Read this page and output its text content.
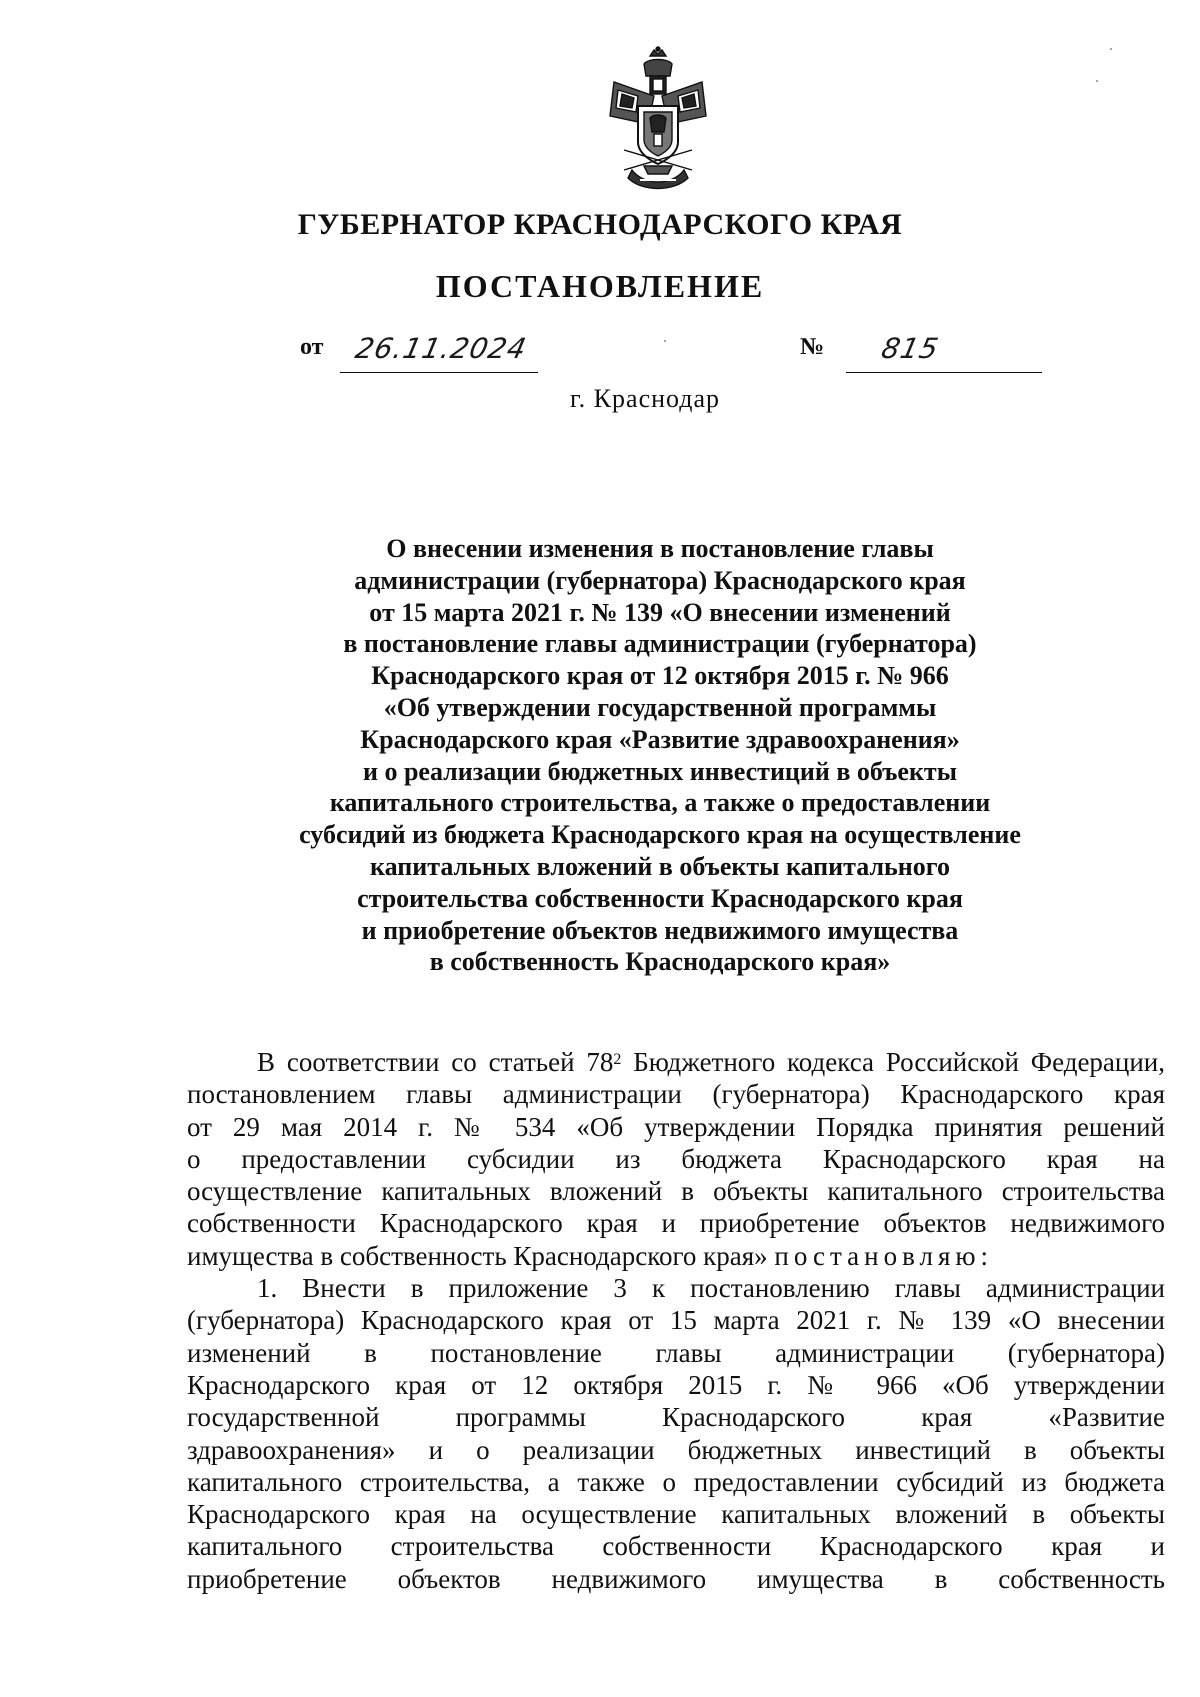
ГУБЕРНАТОР КРАСНОДАРСКОГО КРАЯ
ПОСТАНОВЛЕНИЕ
от 26.11.2024	№ 815
г. Краснодар
О внесении изменения в постановление главы
администрации (губернатора) Краснодарского края
от 15 марта 2021 г. № 139 «О внесении изменений
в постановление главы администрации (губернатора)
Краснодарского края от 12 октября 2015 г. № 966
«Об утверждении государственной программы
Краснодарского края «Развитие здравоохранения»
и о реализации бюджетных инвестиций в объекты
капитального строительства, а также о предоставлении
субсидий из бюджета Краснодарского края на осуществление
капитальных вложений в объекты капитального
строительства собственности Краснодарского края
и приобретение объектов недвижимого имущества
в собственность Краснодарского края»
В соответствии со статьей $78^2$ Бюджетного кодекса Российской Федерации,
постановлением главы администрации (губернатора) Краснодарского края
от 29 мая 2014 г. № 534 «Об утверждении Порядка принятия решений
о предоставлении субсидии из бюджета Краснодарского края на
осуществление капитальных вложений в объекты капитального строительства
собственности Краснодарского края и приобретение объектов недвижимого
имущества в собственность Краснодарского края» постановляю:
1. Внести в приложение 3 к постановлению главы администрации
(губернатора) Краснодарского края от 15 марта 2021 г. № 139 «О внесении
изменений в постановление главы администрации (губернатора)
Краснодарского края от 12 октября 2015 г. № 966 «Об утверждении
государственной программы Краснодарского края «Развитие
здравоохранения» и о реализации бюджетных инвестиций в объекты
капитального строительства, а также о предоставлении субсидий из бюджета
Краснодарского края на осуществление капитальных вложений в объекты
капитального строительства собственности Краснодарского края и
приобретение объектов недвижимого имущества в собственность
